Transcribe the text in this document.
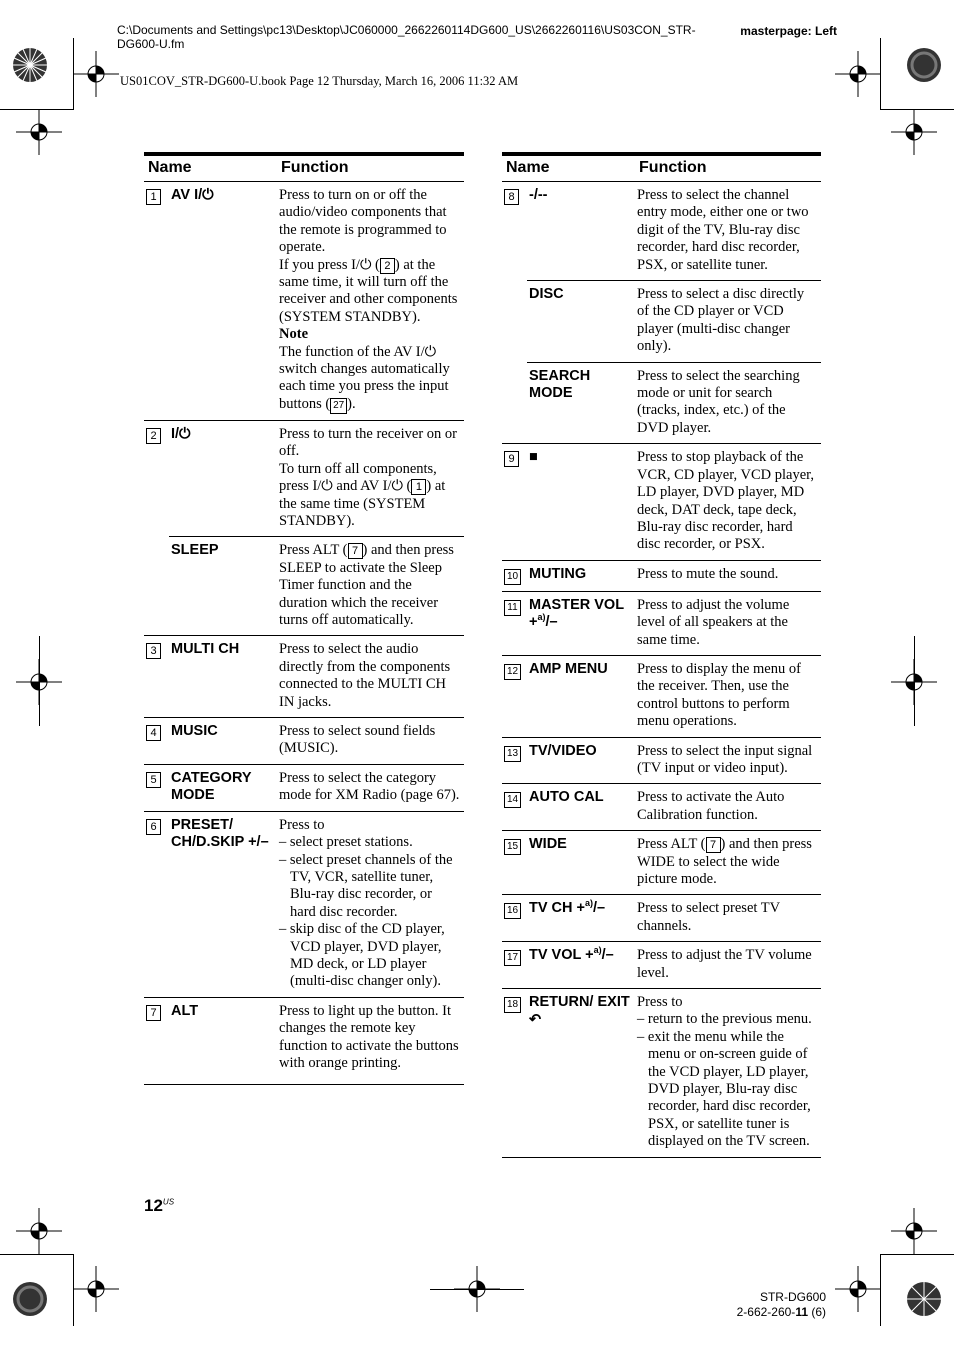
C:\Documents and Settings\pc13\Desktop\JC060000_2662260114DG600_US\2662260116\US03CON_STR-DG600-U.fm
masterpage: Left
US01COV_STR-DG600-U.book Page 12 Thursday, March 16, 2006 11:32 AM
Name		Function
1	AV I/⏻	Press to turn on or off the audio/video components that the remote is programmed to operate.
If you press I/⏻ ( 2 ) at the same time, it will turn off the receiver and other components (SYSTEM STANDBY).
Note
The function of the AV I/⏻ switch changes automatically each time you press the input buttons ( 27 ).

2	I/⏻	Press to turn the receiver on or off.
To turn off all components, press I/⏻ and AV I/⏻ ( 1 ) at the same time (SYSTEM STANDBY).

	SLEEP	Press ALT ( 7 ) and then press SLEEP to activate the Sleep Timer function and the duration which the receiver turns off automatically.
3	MULTI CH	Press to select the audio directly from the components connected to the MULTI CH IN jacks.
4	MUSIC	Press to select sound fields (MUSIC).
5	CATEGORY MODE	Press to select the category mode for XM Radio (page 67).
6	PRESET/ CH/D.SKIP +/–	Press to
– select preset stations.
– select preset channels of the TV, VCR, satellite tuner, Blu-ray disc recorder, or hard disc recorder.
– skip disc of the CD player, VCD player, DVD player, MD deck, or LD player (multi-disc changer only).

7	ALT	Press to light up the button. It changes the remote key function to activate the buttons with orange printing.
Name		Function
8	-/--	Press to select the channel entry mode, either one or two digit of the TV, Blu-ray disc recorder, hard disc recorder, PSX, or satellite tuner.
	DISC	Press to select a disc directly of the CD player or VCD player (multi-disc changer only).
	SEARCH MODE	Press to select the searching mode or unit for search (tracks, index, etc.) of the DVD player.
9	■	Press to stop playback of the VCR, CD player, VCD player, LD player, DVD player, MD deck, DAT deck, tape deck, Blu-ray disc recorder, hard disc recorder, or PSX.
10	MUTING	Press to mute the sound.
11	MASTER VOL +$^{a)}$/–	Press to adjust the volume level of all speakers at the same time.
12	AMP MENU	Press to display the menu of the receiver. Then, use the control buttons to perform menu operations.
13	TV/VIDEO	Press to select the input signal (TV input or video input).
14	AUTO CAL	Press to activate the Auto Calibration function.
15	WIDE	Press ALT ( 7 ) and then press WIDE to select the wide picture mode.
16	TV CH +$^{a)}$/–	Press to select preset TV channels.
17	TV VOL +$^{a)}$/–	Press to adjust the TV volume level.
18	RETURN/ EXIT ↶	Press to
– return to the previous menu.
– exit the menu while the menu or on-screen guide of the VCD player, LD player, DVD player, Blu-ray disc recorder, hard disc recorder, PSX, or satellite tuner is displayed on the TV screen.
$12^{US}$
STR-DG600
2-662-260-11 (6)
